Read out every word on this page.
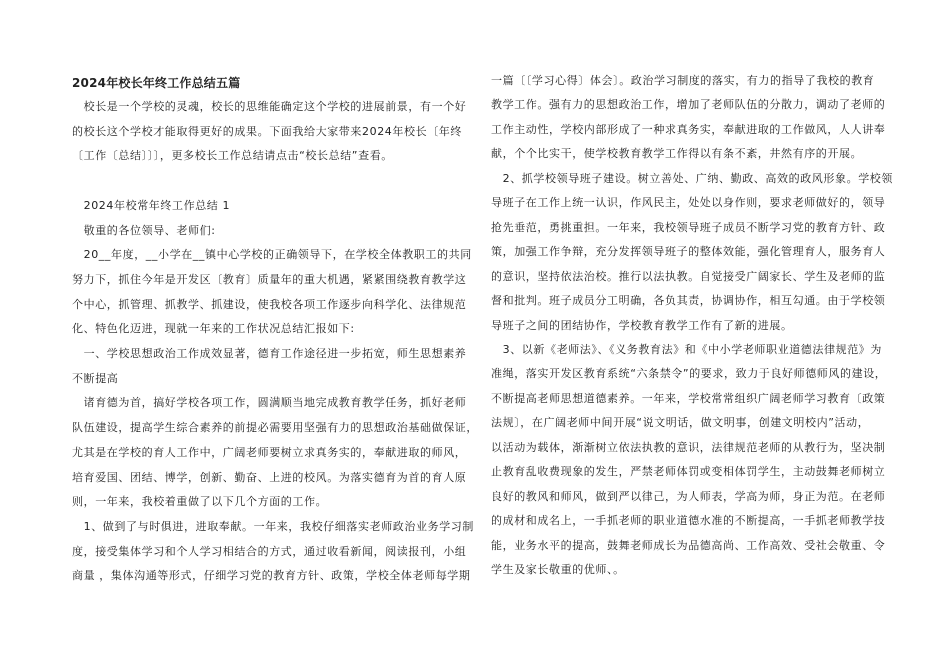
2024年校长年终工作总结五篇
　校长是一个学校的灵魂，校长的思维能确定这个学校的进展前景，有一个好
的校长这个学校才能取得更好的成果。下面我给大家带来2024年校长〔年终
〔工作〔总结〕〕〕，更多校长工作总结请点击“校长总结”查看。
　2024年校常年终工作总结 1
　敬重的各位领导、老师们:
　20__年度，__小学在__镇中心学校的正确领导下，在学校全体教职工的共同
努力下，抓住今年是开发区〔教育〕质量年的重大机遇，紧紧围绕教育教学这
个中心，抓管理、抓教学、抓建设，使我校各项工作逐步向科学化、法律规范
化、特色化迈进，现就一年来的工作状况总结汇报如下:
　一、学校思想政治工作成效显著，德育工作途径进一步拓宽，师生思想素养
不断提高
　诸育德为首，搞好学校各项工作，圆满顺当地完成教育教学任务，抓好老师
队伍建设，提高学生综合素养的前提必需要用坚强有力的思想政治基础做保证，
尤其是在学校的育人工作中，广阔老师要树立求真务实的，奉献进取的师风，
培育爱国、团结、博学，创新、勤奋、上进的校风。为落实德育为首的育人原
则，一年来，我校着重做了以下几个方面的工作。
　1、做到了与时俱进，进取奉献。一年来，我校仔细落实老师政治业务学习制
度，接受集体学习和个人学习相结合的方式，通过收看新闻，阅读报刊，小组
商量 ，集体沟通等形式，仔细学习党的教育方针、政策，学校全体老师每学期
一篇〔〔学习心得〕体会〕。政治学习制度的落实，有力的指导了我校的教育
教学工作。强有力的思想政治工作，增加了老师队伍的分散力，调动了老师的
工作主动性，学校内部形成了一种求真务实，奉献进取的工作做风，人人讲奉
献，个个比实干，使学校教育教学工作得以有条不紊，井然有序的开展。
　2、抓学校领导班子建设。树立善处、广纳、勤政、高效的政风形象。学校领
导班子在工作上统一认识，作风民主，处处以身作则，要求老师做好的，领导
抢先垂范，勇挑重担。一年来，我校领导班子成员不断学习党的教育方针、政
策，加强工作争辩，充分发挥领导班子的整体效能，强化管理育人，服务育人
的意识，坚持依法治校。推行以法执教。自觉接受广阔家长、学生及老师的监
督和批判。班子成员分工明确，各负其责，协调协作，相互勾通。由于学校领
导班子之间的团结协作，学校教育教学工作有了新的进展。
　3、以新《老师法》、《义务教育法》和《中小学老师职业道德法律规范》为
准绳，落实开发区教育系统“六条禁令”的要求，致力于良好师德师风的建设，
不断提高老师思想道德素养。一年来，学校常常组织广阔老师学习教育〔政策
法规〕，在广阔老师中间开展“说文明话，做文明事，创建文明校内”活动，
以活动为载体，渐渐树立依法执教的意识，法律规范老师的从教行为，坚决制
止教育乱收费现象的发生，严禁老师体罚或变相体罚学生，主动鼓舞老师树立
良好的教风和师风，做到严以律己，为人师表，学高为师，身正为范。在老师
的成材和成名上，一手抓老师的职业道德水准的不断提高，一手抓老师教学技
能，业务水平的提高，鼓舞老师成长为品德高尚、工作高效、受社会敬重、令
学生及家长敬重的优师、。
